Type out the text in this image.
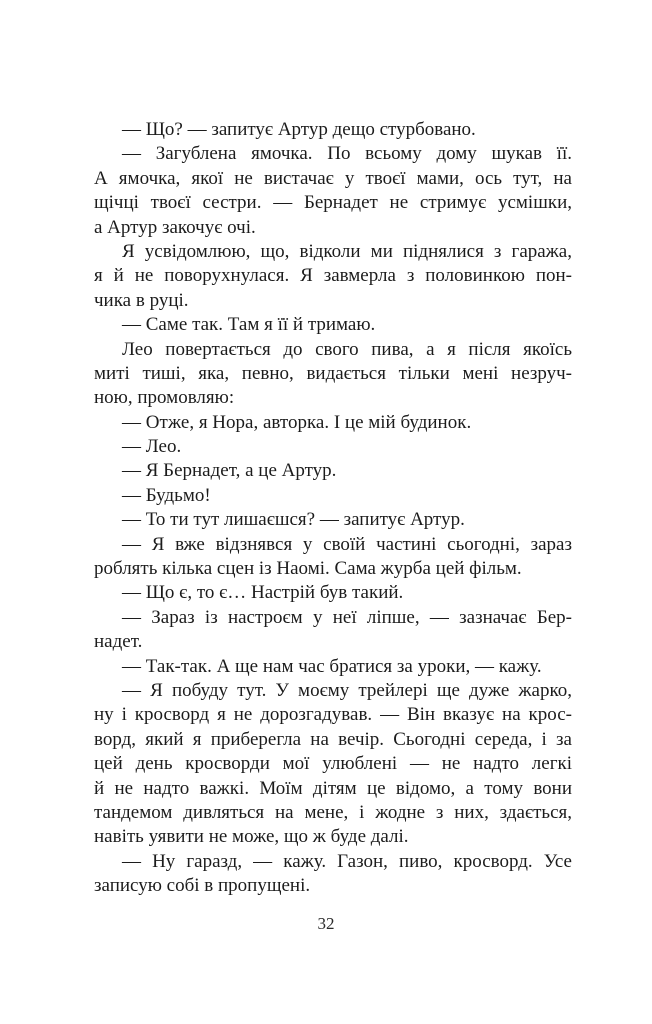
— Що? — запитує Артур дещо стурбовано.
— Загублена ямочка. По всьому дому шукав її.
А ямочка, якої не вистачає у твоєї мами, ось тут, на
щічці твоєї сестри. — Бернадет не стримує усмішки,
а Артур закочує очі.
Я усвідомлюю, що, відколи ми піднялися з гаража,
я й не поворухнулася. Я завмерла з половинкою пон-
чика в руці.
— Саме так. Там я її й тримаю.
Лео повертається до свого пива, а я після якоїсь
миті тиші, яка, певно, видається тільки мені незруч-
ною, промовляю:
— Отже, я Нора, авторка. І це мій будинок.
— Лео.
— Я Бернадет, а це Артур.
— Будьмо!
— То ти тут лишаєшся? — запитує Артур.
— Я вже відзнявся у своїй частині сьогодні, зараз
роблять кілька сцен із Наомі. Сама журба цей фільм.
— Що є, то є… Настрій був такий.
— Зараз із настроєм у неї ліпше, — зазначає Бер-
надет.
— Так-так. А ще нам час братися за уроки, — кажу.
— Я побуду тут. У моєму трейлері ще дуже жарко,
ну і кросворд я не дорозгадував. — Він вказує на крос-
ворд, який я приберегла на вечір. Сьогодні середа, і за
цей день кросворди мої улюблені — не надто легкі
й не надто важкі. Моїм дітям це відомо, а тому вони
тандемом дивляться на мене, і жодне з них, здається,
навіть уявити не може, що ж буде далі.
— Ну гаразд, — кажу. Газон, пиво, кросворд. Усе
записую собі в пропущені.
32
